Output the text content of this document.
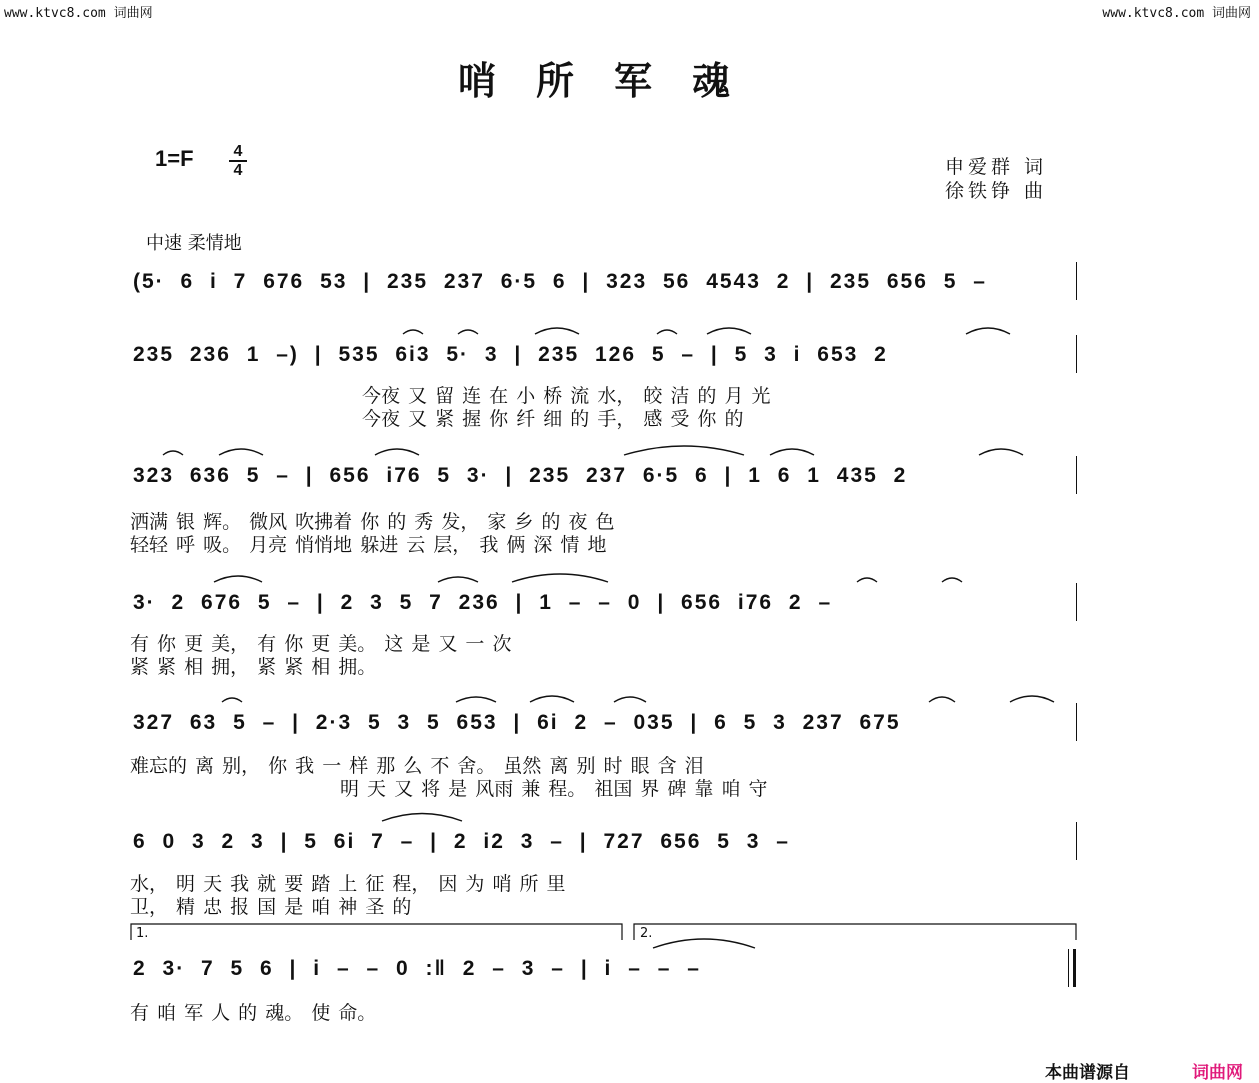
www.ktvc8.com 词曲网	www.ktvc8.com 词曲网
哨所军魂
1=F	4
4	申爱群 词
徐铁铮 曲
中速 柔情地
(5· 6 i 7 676 53 | 235 237 6·5 6 | 323 56 4543 2 | 235 656 5 –
235 236 1 –) | 535 6i3 5· 3 | 235 126 5 – | 5 3 i 653 2
今夜 又 留 连 在 小 桥 流 水， 皎 洁 的 月 光
今夜 又 紧 握 你 纤 细 的 手， 感 受 你 的
323 636 5 – | 656 i76 5 3· | 235 237 6·5 6 | 1 6 1 435 2
洒满 银 辉。 微风 吹拂着 你 的 秀 发， 家 乡 的 夜 色
轻轻 呼 吸。 月亮 悄悄地 躲进 云 层， 我 俩 深 情 地
3· 2 676 5 – | 2 3 5 7 236 | 1 – – 0 | 656 i76 2 –
有 你 更 美， 有 你 更 美。 这 是 又 一 次
紧 紧 相 拥， 紧 紧 相 拥。
327 63 5 – | 2·3 5 3 5 653 | 6i 2 – 035 | 6 5 3 237 675
难忘的 离 别， 你 我 一 样 那 么 不 舍。 虽然 离 别 时 眼 含 泪
明 天 又 将 是 风雨 兼 程。 祖国 界 碑 靠 咱 守
6 0 3 2 3 | 5 6i 7 – | 2 i2 3 – | 727 656 5 3 –
水， 明 天 我 就 要 踏 上 征 程， 因 为 哨 所 里
卫， 精 忠 报 国 是 咱 神 圣 的
1.	2.
2 3· 7 5 6 | i – – 0 :‖ 2 – 3 – | i – – –
有 咱 军 人 的 魂。 使 命。
本曲谱源自	词曲网
